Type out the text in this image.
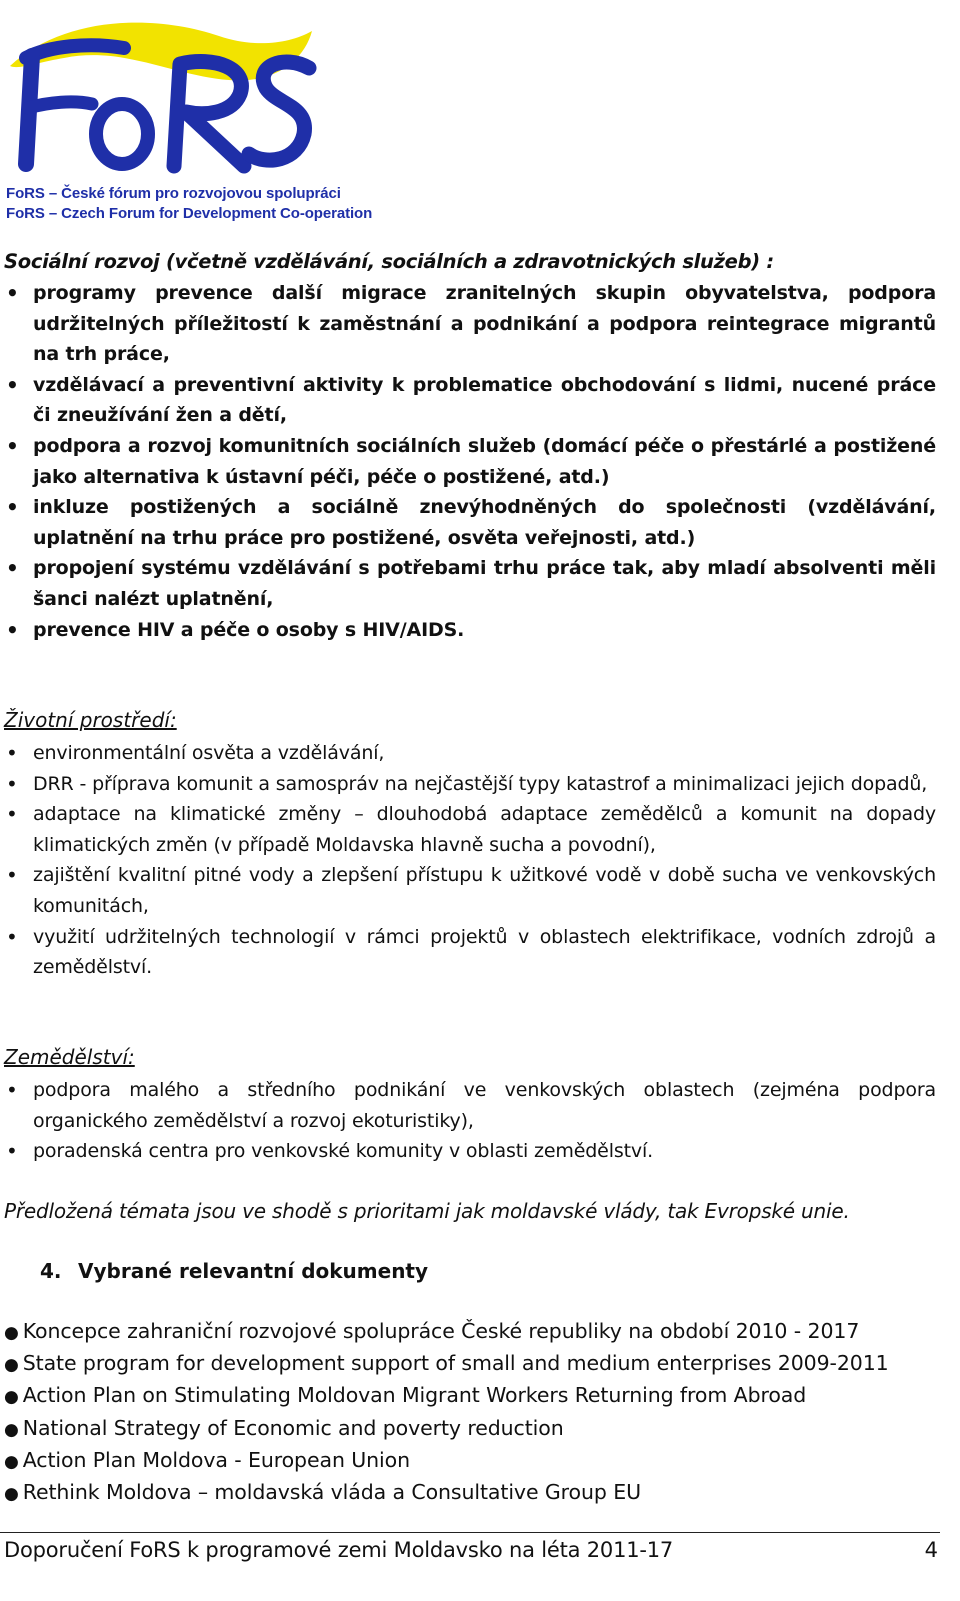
FoRS – České fórum pro rozvojovou spolupráci
FoRS – Czech Forum for Development Co-operation
Sociální rozvoj (včetně vzdělávání, sociálních a zdravotnických služeb) :
• programy prevence další migrace zranitelných skupin obyvatelstva, podpora udržitelných příležitostí k zaměstnání a podnikání a podpora reintegrace migrantů na trh práce,
• vzdělávací a preventivní aktivity k problematice obchodování s lidmi, nucené práce či zneužívání žen a dětí,
• podpora a rozvoj komunitních sociálních služeb (domácí péče o přestárlé a postižené jako alternativa k ústavní péči, péče o postižené, atd.)
• inkluze postižených a sociálně znevýhodněných do společnosti (vzdělávání, uplatnění na trhu práce pro postižené, osvěta veřejnosti, atd.)
• propojení systému vzdělávání s potřebami trhu práce tak, aby mladí absolventi měli šanci nalézt uplatnění,
• prevence HIV a péče o osoby s HIV/AIDS.
Životní prostředí:
• environmentální osvěta a vzdělávání,
• DRR - příprava komunit a samospráv na nejčastější typy katastrof a minimalizaci jejich dopadů,
• adaptace na klimatické změny – dlouhodobá adaptace zemědělců a komunit na dopady klimatických změn (v případě Moldavska hlavně sucha a povodní),
• zajištění kvalitní pitné vody a zlepšení přístupu k užitkové vodě v době sucha ve venkovských komunitách,
• využití udržitelných technologií v rámci projektů v oblastech elektrifikace, vodních zdrojů a zemědělství.
Zemědělství:
• podpora malého a středního podnikání ve venkovských oblastech (zejména podpora organického zemědělství a rozvoj ekoturistiky),
• poradenská centra pro venkovské komunity v oblasti zemědělství.
Předložená témata jsou ve shodě s prioritami jak moldavské vlády, tak Evropské unie.
4. Vybrané relevantní dokumenty
● Koncepce zahraniční rozvojové spolupráce České republiky na období 2010 - 2017
● State program for development support of small and medium enterprises 2009-2011
● Action Plan on Stimulating Moldovan Migrant Workers Returning from Abroad
● National Strategy of Economic and poverty reduction
● Action Plan Moldova - European Union
● Rethink Moldova – moldavská vláda a Consultative Group EU
Doporučení FoRS k programové zemi Moldavsko na léta 2011-17	4
